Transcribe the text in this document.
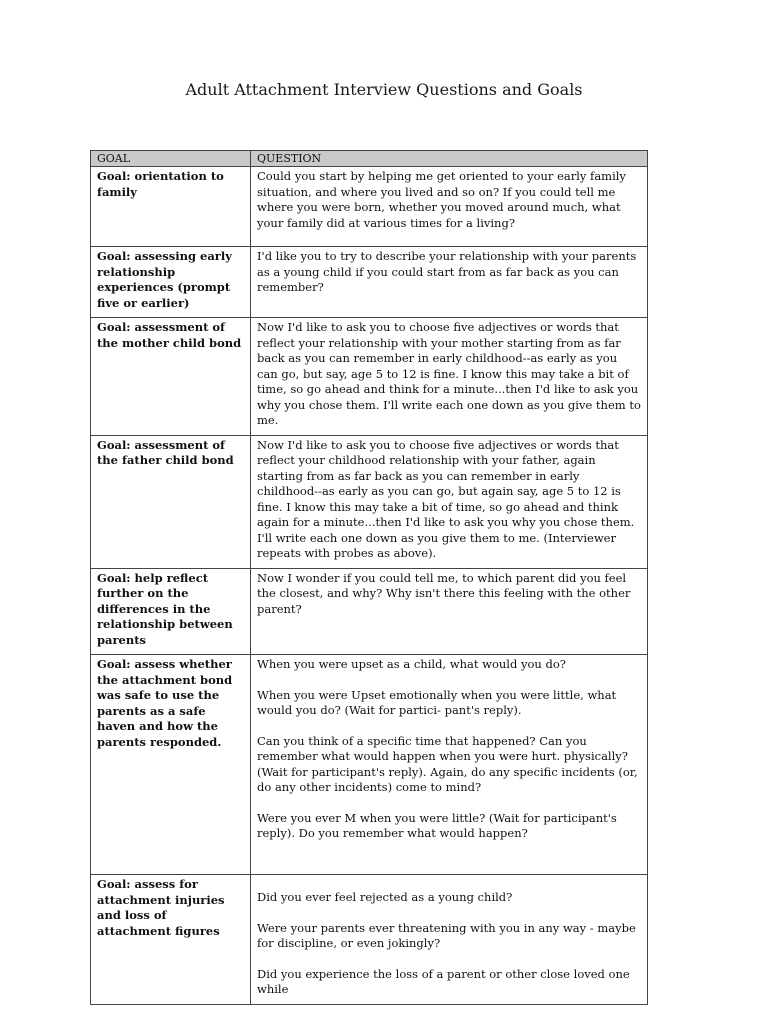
Adult Attachment Interview Questions and Goals
GOAL	QUESTION
Goal: orientation to family	Could you start by helping me get oriented to your early family situation, and where you lived and so on? If you could tell me where you were born, whether you moved around much, what your family did at various times for a living?

Goal: assessing early relationship experiences (prompt five or earlier)	I'd like you to try to describe your relationship with your parents as a young child if you could start from as far back as you can remember?

Goal: assessment of the mother child bond	Now I'd like to ask you to choose five adjectives or words that reflect your relationship with your mother starting from as far back as you can remember in early childhood--as early as you can go, but say, age 5 to 12 is fine. I know this may take a bit of time, so go ahead and think for a minute...then I'd like to ask you why you chose them. I'll write each one down as you give them to me.

Goal: assessment of the father child bond	Now I'd like to ask you to choose five adjectives or words that reflect your childhood relationship with your father, again starting from as far back as you can remember in early childhood--as early as you can go, but again say, age 5 to 12 is fine. I know this may take a bit of time, so go ahead and think again for a minute...then I'd like to ask you why you chose them. I'll write each one down as you give them to me. (Interviewer repeats with probes as above).

Goal: help reflect further on the differences in the relationship between parents	Now I wonder if you could tell me, to which parent did you feel the closest, and why? Why isn't there this feeling with the other parent?

Goal: assess whether the attachment bond was safe to use the parents as a safe haven and how the parents responded.	When you were upset as a child, what would you do?

When you were Upset emotionally when you were little, what would you do? (Wait for partici- pant's reply).

Can you think of a specific time that happened? Can you remember what would happen when you were hurt. physically? (Wait for participant's reply). Again, do any specific incidents (or, do any other incidents) come to mind?

Were you ever M when you were little? (Wait for participant's reply). Do you remember what would happen?

Goal: assess for attachment injuries and loss of attachment figures	Did you ever feel rejected as a young child?

Were your parents ever threatening with you in any way - maybe for discipline, or even jokingly?

Did you experience the loss of a parent or other close loved one while
